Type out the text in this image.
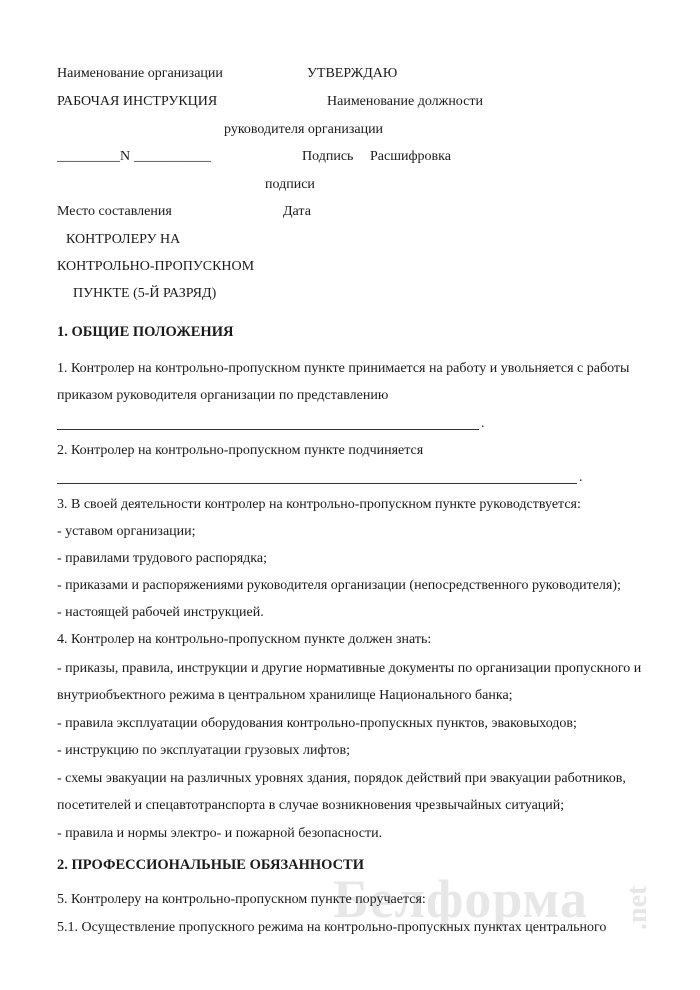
Белформа .net
Наименование организации	УТВЕРЖДАЮ
РАБОЧАЯ ИНСТРУКЦИЯ	Наименование должности
руководителя организации
_________ N ___________	Подпись Расшифровка
подписи
Место составления	Дата
КОНТРОЛЕРУ НА
КОНТРОЛЬНО-ПРОПУСКНОМ
ПУНКТЕ (5-Й РАЗРЯД)
1. ОБЩИЕ ПОЛОЖЕНИЯ
1. Контролер на контрольно-пропускном пункте принимается на работу и увольняется с работы
приказом руководителя организации по представлению
.
2. Контролер на контрольно-пропускном пункте подчиняется
.
3. В своей деятельности контролер на контрольно-пропускном пункте руководствуется:
- уставом организации;
- правилами трудового распорядка;
- приказами и распоряжениями руководителя организации (непосредственного руководителя);
- настоящей рабочей инструкцией.
4. Контролер на контрольно-пропускном пункте должен знать:
- приказы, правила, инструкции и другие нормативные документы по организации пропускного и
внутриобъектного режима в центральном хранилище Национального банка;
- правила эксплуатации оборудования контрольно-пропускных пунктов, эваковыходов;
- инструкцию по эксплуатации грузовых лифтов;
- схемы эвакуации на различных уровнях здания, порядок действий при эвакуации работников,
посетителей и спецавтотранспорта в случае возникновения чрезвычайных ситуаций;
- правила и нормы электро- и пожарной безопасности.
2. ПРОФЕССИОНАЛЬНЫЕ ОБЯЗАННОСТИ
5. Контролеру на контрольно-пропускном пункте поручается:
5.1. Осуществление пропускного режима на контрольно-пропускных пунктах центрального
